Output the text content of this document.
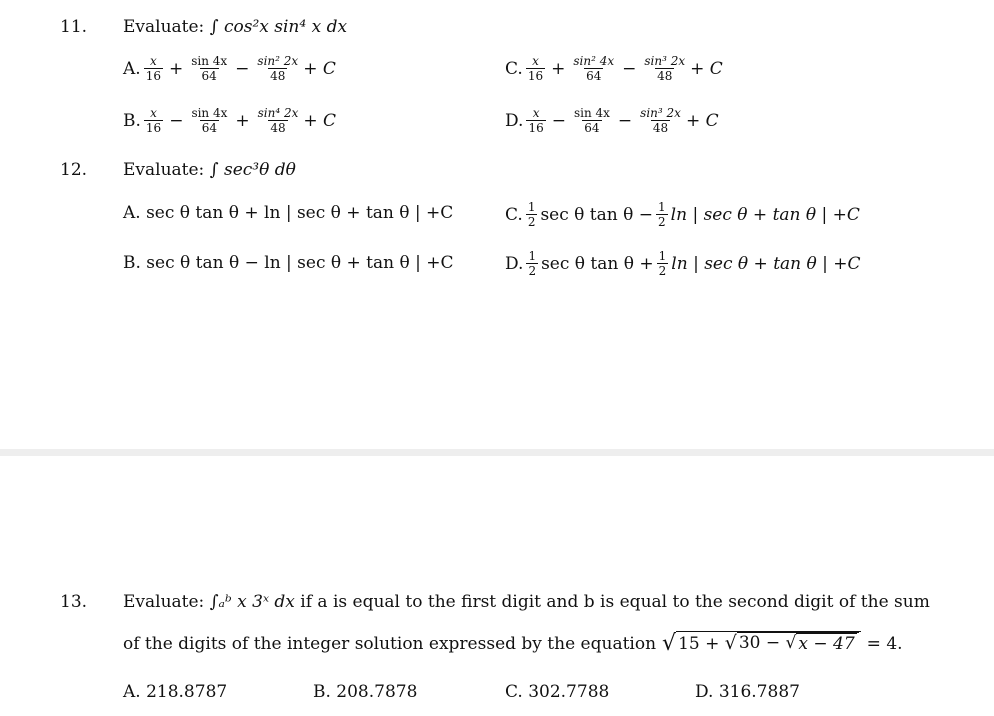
11. Evaluate: ∫ cos²x sin⁴ x dx
A. $\frac{x}{16} + \frac{\sin 4x}{64} - \frac{\text{sin² 2x}}{48} + C$	C. $\frac{x}{16} + \frac{\text{sin² 4x}}{64} - \frac{\text{sin³ 2x}}{48} + C$
B. $\frac{x}{16} - \frac{\sin 4x}{64} + \frac{\text{sin⁴ 2x}}{48} + C$	D. $\frac{x}{16} - \frac{\sin 4x}{64} - \frac{\text{sin³ 2x}}{48} + C$
12. Evaluate: ∫ sec³θ dθ
A. sec θ tan θ + ln | sec θ + tan θ | +C	C. $\frac{1}{2}$ sec θ $\tan \theta - \frac{1}{2}$ ln | sec θ + tan θ | +C
B. sec θ tan θ − ln | sec θ + tan θ | +C	D. $\frac{1}{2}$ sec θ $\tan \theta + \frac{1}{2}$ ln | sec θ + tan θ | +C
13. Evaluate: ∫ₐᵇ x 3ˣ dx if a is equal to the first digit and b is equal to the second digit of the sum
of the digits of the integer solution expressed by the equation √ 15 + √ 30 − √ x − 47 = 4.
A. 218.8787	B. 208.7878	C. 302.7788	D. 316.7887
